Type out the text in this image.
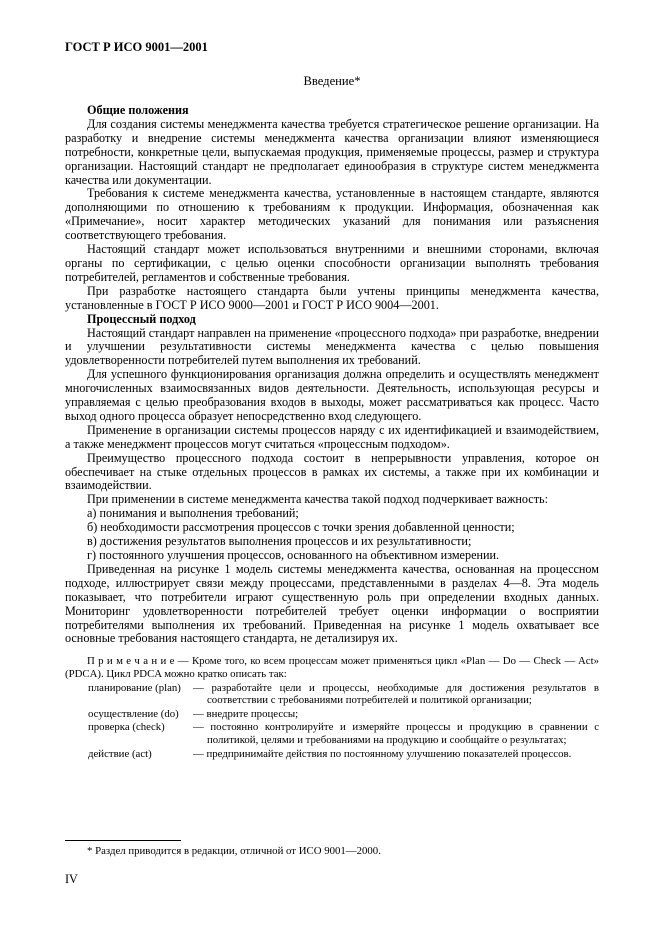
ГОСТ Р ИСО 9001—2001
Введение*

Общие положения

Для создания системы менеджмента качества требуется стратегическое решение организации. На разработку и внедрение системы менеджмента качества организации влияют изменяющиеся потребности, конкретные цели, выпускаемая продукция, применяемые процессы, размер и структура организации. Настоящий стандарт не предполагает единообразия в структуре систем менеджмента качества или документации.

Требования к системе менеджмента качества, установленные в настоящем стандарте, являются дополняющими по отношению к требованиям к продукции. Информация, обозначенная как «Примечание», носит характер методических указаний для понимания или разъяснения соответствующего требования.

Настоящий стандарт может использоваться внутренними и внешними сторонами, включая органы по сертификации, с целью оценки способности организации выполнять требования потребителей, регламентов и собственные требования.

При разработке настоящего стандарта были учтены принципы менеджмента качества, установленные в ГОСТ Р ИСО 9000—2001 и ГОСТ Р ИСО 9004—2001.

Процессный подход

Настоящий стандарт направлен на применение «процессного подхода» при разработке, внедрении и улучшении результативности системы менеджмента качества с целью повышения удовлетворенности потребителей путем выполнения их требований.

Для успешного функционирования организация должна определить и осуществлять менеджмент многочисленных взаимосвязанных видов деятельности. Деятельность, использующая ресурсы и управляемая с целью преобразования входов в выходы, может рассматриваться как процесс. Часто выход одного процесса образует непосредственно вход следующего.

Применение в организации системы процессов наряду с их идентификацией и взаимодействием, а также менеджмент процессов могут считаться «процессным подходом».

Преимущество процессного подхода состоит в непрерывности управления, которое он обеспечивает на стыке отдельных процессов в рамках их системы, а также при их комбинации и взаимодействии.

При применении в системе менеджмента качества такой подход подчеркивает важность:

а) понимания и выполнения требований;

б) необходимости рассмотрения процессов с точки зрения добавленной ценности;

в) достижения результатов выполнения процессов и их результативности;

г) постоянного улучшения процессов, основанного на объективном измерении.

Приведенная на рисунке 1 модель системы менеджмента качества, основанная на процессном подходе, иллюстрирует связи между процессами, представленными в разделах 4—8. Эта модель показывает, что потребители играют существенную роль при определении входных данных. Мониторинг удовлетворенности потребителей требует оценки информации о восприятии потребителями выполнения их требований. Приведенная на рисунке 1 модель охватывает все основные требования настоящего стандарта, не детализируя их.

П р и м е ч а н и е — Кроме того, ко всем процессам может применяться цикл «Plan — Do — Check — Act» (PDCA). Цикл PDCA можно кратко описать так:

планирование (plan)	— разработайте цели и процессы, необходимые для достижения результатов в соответствии с требованиями потребителей и политикой организации;
осуществление (do)	— внедрите процессы;
проверка (check)	— постоянно контролируйте и измеряйте процессы и продукцию в сравнении с политикой, целями и требованиями на продукцию и сообщайте о результатах;
действие (act)	— предпринимайте действия по постоянному улучшению показателей процессов.

* Раздел приводится в редакции, отличной от ИСО 9001—2000.

IV
